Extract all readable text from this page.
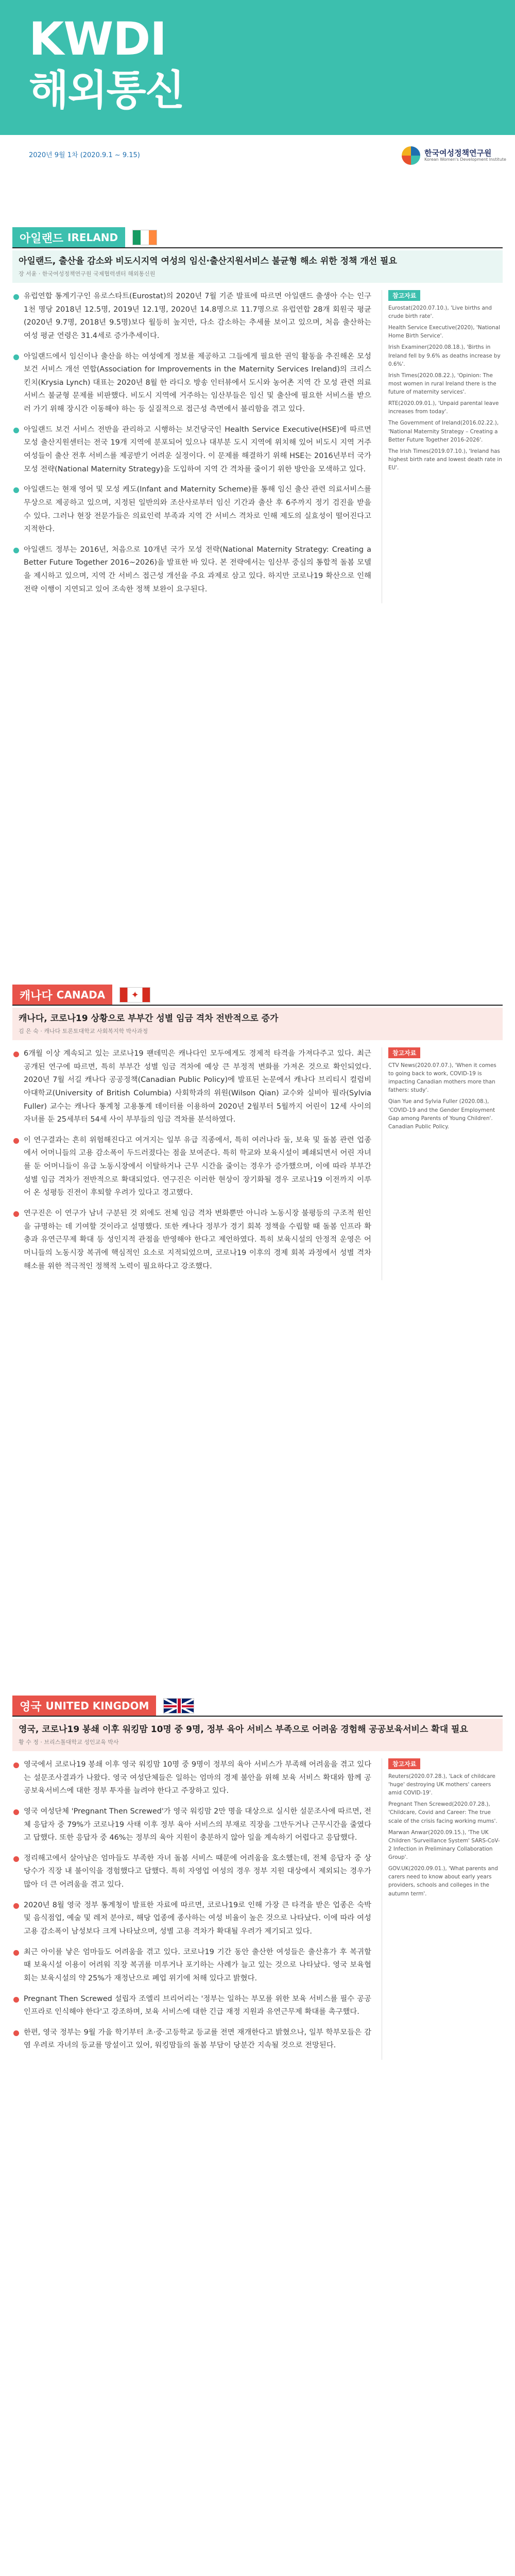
KWDI
해외통신
2020년 9월 1차 (2020.9.1 ~ 9.15)	한국여성정책연구원
Korean Women's Development Institute
아일랜드 IRELAND
아일랜드, 출산율 감소와 비도시지역 여성의 임신·출산지원서비스 불균형 해소 위한 정책 개선 필요
장 서윤 · 한국여성정책연구원 국제협력센터 해외통신원

유럽연합 통계기구인 유로스타트(Eurostat)의 2020년 7월 기준 발표에 따르면 아일랜드 출생아 수는 인구 1천 명당 2018년 12.5명, 2019년 12.1명, 2020년 14.8명으로 11.7명으로 유럽연합 28개 회원국 평균(2020년 9.7명, 2018년 9.5명)보다 월등히 높지만, 다소 감소하는 추세를 보이고 있으며, 처음 출산하는 여성 평균 연령은 31.4세로 증가추세이다.

아일랜드에서 임신이나 출산을 하는 여성에게 정보를 제공하고 그들에게 필요한 권익 활동을 추진해온 모성보건 서비스 개선 연합(Association for Improvements in the Maternity Services Ireland)의 크리스 킨치(Krysia Lynch) 대표는 2020년 8월 한 라디오 방송 인터뷰에서 도시와 농어촌 지역 간 모성 관련 의료서비스 불균형 문제를 비판했다. 비도시 지역에 거주하는 임산부들은 임신 및 출산에 필요한 서비스를 받으러 가기 위해 장시간 이동해야 하는 등 실질적으로 접근성 측면에서 불리함을 겪고 있다.

아일랜드 보건 서비스 전반을 관리하고 시행하는 보건당국인 Health Service Executive(HSE)에 따르면 모성 출산지원센터는 전국 19개 지역에 분포되어 있으나 대부분 도시 지역에 위치해 있어 비도시 지역 거주 여성들이 출산 전후 서비스를 제공받기 어려운 실정이다. 이 문제를 해결하기 위해 HSE는 2016년부터 국가 모성 전략(National Maternity Strategy)을 도입하여 지역 간 격차를 줄이기 위한 방안을 모색하고 있다.

아일랜드는 현재 영어 및 모성 케도(Infant and Maternity Scheme)를 통해 임신 출산 관련 의료서비스를 무상으로 제공하고 있으며, 지정된 일반의와 조산사로부터 임신 기간과 출산 후 6주까지 정기 검진을 받을 수 있다. 그러나 현장 전문가들은 의료인력 부족과 지역 간 서비스 격차로 인해 제도의 실효성이 떨어진다고 지적한다.

아일랜드 정부는 2016년, 처음으로 10개년 국가 모성 전략(National Maternity Strategy: Creating a Better Future Together 2016~2026)을 발표한 바 있다. 본 전략에서는 임산부 중심의 통합적 돌봄 모델을 제시하고 있으며, 지역 간 서비스 접근성 개선을 주요 과제로 삼고 있다. 하지만 코로나19 확산으로 인해 전략 이행이 지연되고 있어 조속한 정책 보완이 요구된다.

참고자료

Eurostat(2020.07.10.), 'Live births and crude birth rate'.

Health Service Executive(2020), 'National Home Birth Service'.

Irish Examiner(2020.08.18.), 'Births in Ireland fell by 9.6% as deaths increase by 0.6%'.

Irish Times(2020.08.22.), 'Opinion: The most women in rural Ireland there is the future of maternity services'.

RTE(2020.09.01.), 'Unpaid parental leave increases from today'.

The Government of Ireland(2016.02.22.), 'National Maternity Strategy – Creating a Better Future Together 2016-2026'.

The Irish Times(2019.07.10.), 'Ireland has highest birth rate and lowest death rate in EU'.

캐나다 CANADA	✦
캐나다, 코로나19 상황으로 부부간 성별 임금 격차 전반적으로 증가
김 은 숙 · 캐나다 토론토대학교 사회복지학 박사과정

6개월 이상 계속되고 있는 코로나19 팬데믹은 캐나다인 모두에게도 경제적 타격을 가져다주고 있다. 최근 공개된 연구에 따르면, 특히 부부간 성별 임금 격차에 예상 큰 부정적 변화를 가져온 것으로 확인되었다. 2020년 7월 서길 캐나다 공공정책(Canadian Public Policy)에 발표된 논문에서 캐나다 브리티시 컬럼비아대학교(University of British Columbia) 사회학과의 위원(Wilson Qian) 교수와 실비아 필라(Sylvia Fuller) 교수는 캐나다 통계청 고용통계 데이터를 이용하여 2020년 2월부터 5월까지 어린이 12세 사이의 자녀를 둔 25세부터 54세 사이 부부들의 임금 격차를 분석하였다.

이 연구결과는 흔히 위험해진다고 여겨지는 일부 유급 직종에서, 특히 여러나라 둘, 보육 및 돌봄 관련 업종에서 어머니들의 고용 감소폭이 두드러졌다는 점을 보여준다. 특히 학교와 보육시설이 폐쇄되면서 어린 자녀를 둔 어머니들이 유급 노동시장에서 이탈하거나 근무 시간을 줄이는 경우가 증가했으며, 이에 따라 부부간 성별 임금 격차가 전반적으로 확대되었다. 연구진은 이러한 현상이 장기화될 경우 코로나19 이전까지 이루어 온 성평등 진전이 후퇴할 우려가 있다고 경고했다.

연구진은 이 연구가 남녀 구분된 것 외에도 전체 임금 격차 변화뿐만 아니라 노동시장 불평등의 구조적 원인을 규명하는 데 기여할 것이라고 설명했다. 또한 캐나다 정부가 경기 회복 정책을 수립할 때 돌봄 인프라 확충과 유연근무제 확대 등 성인지적 관점을 반영해야 한다고 제언하였다. 특히 보육시설의 안정적 운영은 어머니들의 노동시장 복귀에 핵심적인 요소로 지적되었으며, 코로나19 이후의 경제 회복 과정에서 성별 격차 해소를 위한 적극적인 정책적 노력이 필요하다고 강조했다.

참고자료

CTV News(2020.07.07.), 'When it comes to going back to work, COVID-19 is impacting Canadian mothers more than fathers: study'.

Qian Yue and Sylvia Fuller (2020.08.), 'COVID-19 and the Gender Employment Gap among Parents of Young Children'. Canadian Public Policy.

영국 UNITED KINGDOM
영국, 코로나19 봉쇄 이후 워킹맘 10명 중 9명, 정부 육아 서비스 부족으로 어려움 경험해 공공보육서비스 확대 필요
황 수 정 · 브리스톨대학교 성인교육 박사

영국에서 코로나19 봉쇄 이후 영국 워킹맘 10명 중 9명이 정부의 육아 서비스가 부족해 어려움을 겪고 있다는 설문조사결과가 나왔다. 영국 여성단체들은 일하는 엄마의 경제 불안을 위해 보육 서비스 확대와 함께 공공보육서비스에 대한 정부 투자를 늘려야 한다고 주장하고 있다.

영국 여성단체 'Pregnant Then Screwed'가 영국 워킹맘 2만 명을 대상으로 실시한 설문조사에 따르면, 전체 응답자 중 79%가 코로나19 사태 이후 정부 육아 서비스의 부재로 직장을 그만두거나 근무시간을 줄였다고 답했다. 또한 응답자 중 46%는 정부의 육아 지원이 충분하지 않아 일을 계속하기 어렵다고 응답했다.

정리해고에서 살아남은 엄마들도 부족한 자녀 돌봄 서비스 때문에 어려움을 호소했는데, 전체 응답자 중 상당수가 직장 내 불이익을 경험했다고 답했다. 특히 자영업 여성의 경우 정부 지원 대상에서 제외되는 경우가 많아 더 큰 어려움을 겪고 있다.

2020년 8월 영국 정부 통계청이 발표한 자료에 따르면, 코로나19로 인해 가장 큰 타격을 받은 업종은 숙박 및 음식점업, 예술 및 레저 분야로, 해당 업종에 종사하는 여성 비율이 높은 것으로 나타났다. 이에 따라 여성 고용 감소폭이 남성보다 크게 나타났으며, 성별 고용 격차가 확대될 우려가 제기되고 있다.

최근 아이를 낳은 엄마들도 어려움을 겪고 있다. 코로나19 기간 동안 출산한 여성들은 출산휴가 후 복귀할 때 보육시설 이용이 어려워 직장 복귀를 미루거나 포기하는 사례가 늘고 있는 것으로 나타났다. 영국 보육협회는 보육시설의 약 25%가 재정난으로 폐업 위기에 처해 있다고 밝혔다.

Pregnant Then Screwed 설립자 조엘리 브리어리는 '정부는 일하는 부모를 위한 보육 서비스를 필수 공공 인프라로 인식해야 한다'고 강조하며, 보육 서비스에 대한 긴급 재정 지원과 유연근무제 확대를 촉구했다.

한편, 영국 정부는 9월 가을 학기부터 초·중·고등학교 등교를 전면 재개한다고 밝혔으나, 일부 학부모들은 감염 우려로 자녀의 등교를 망설이고 있어, 워킹맘들의 돌봄 부담이 당분간 지속될 것으로 전망된다.

참고자료

Reuters(2020.07.28.), 'Lack of childcare 'huge' destroying UK mothers' careers amid COVID-19'.

Pregnant Then Screwed(2020.07.28.), 'Childcare, Covid and Career: The true scale of the crisis facing working mums'.

Marwan Anwar(2020.09.15.), 'The UK Children 'Surveillance System' SARS-CoV-2 Infection in Preliminary Collaboration Group'.

GOV.UK(2020.09.01.), 'What parents and carers need to know about early years providers, schools and colleges in the autumn term'.
